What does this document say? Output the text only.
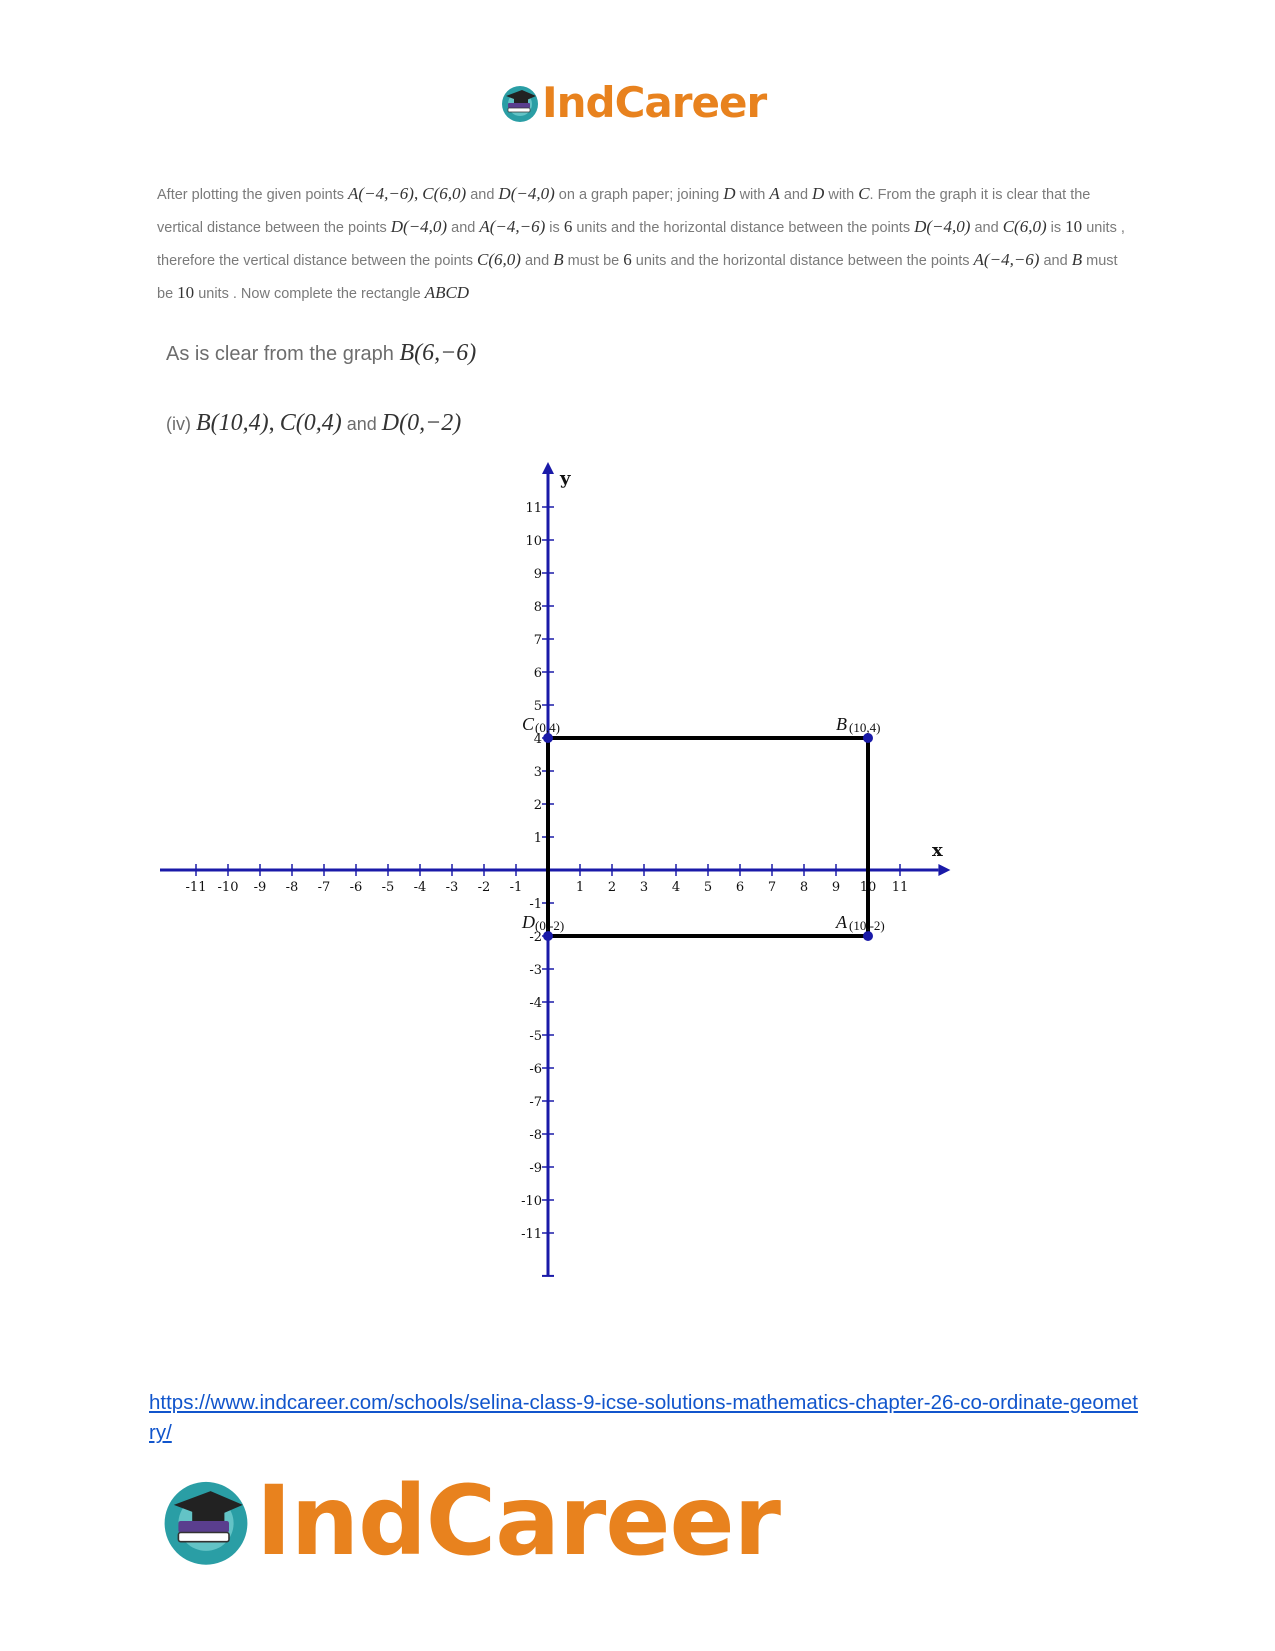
IndCareer
After plotting the given points A(−4,−6), C(6,0) and D(−4,0) on a graph paper; joining D with A and D with C. From the graph it is clear that the vertical distance between the points D(−4,0) and A(−4,−6) is 6 units and the horizontal distance between the points D(−4,0) and C(6,0) is 10 units , therefore the vertical distance between the points C(6,0) and B must be 6 units and the horizontal distance between the points A(−4,−6) and B must be 10 units . Now complete the rectangle ABCD
As is clear from the graph B(6,−6)
(iv) B(10,4), C(0,4) and D(0,−2)
x
y
-11 -10 -9 -8 -7 -6 -5 -4 -3 -2 -1	1 2 3 4 5 6 7 8 9 10 11
11
10
9
8
7
6
5
4
3
2
1
-1
-2
-3
-4
-5
-6
-7
-8
-9
-10
-11
C (0,4)	B (10,4)
D (0,-2)	A (10,-2)
https://www.indcareer.com/schools/selina-class-9-icse-solutions-mathematics-chapter-26-co-ordinate-geometry/
IndCareer
